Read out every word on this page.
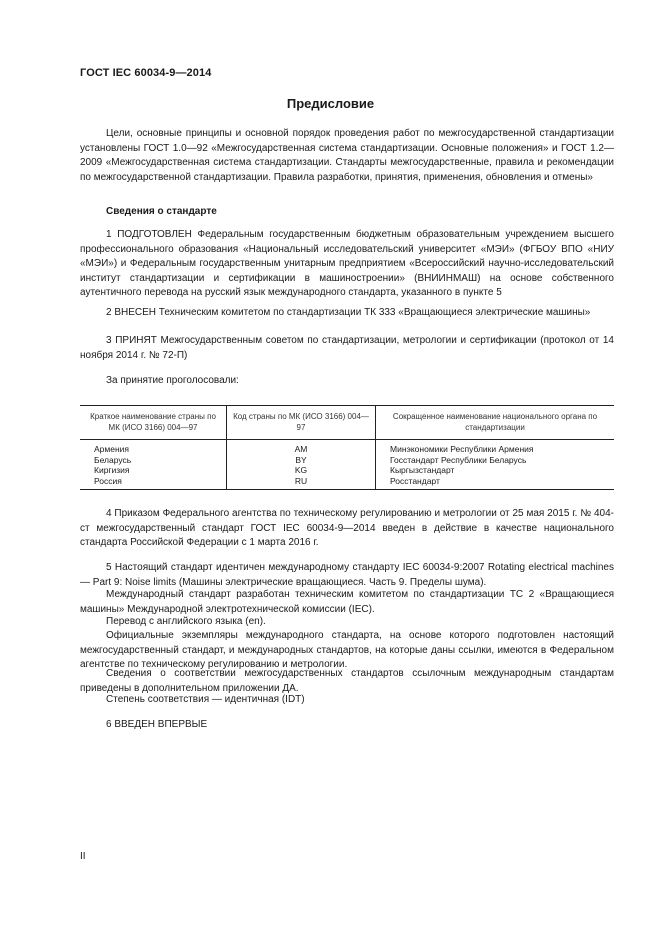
ГОСТ IEC 60034-9—2014
Предисловие

Цели, основные принципы и основной порядок проведения работ по межгосударственной стандартизации установлены ГОСТ 1.0—92 «Межгосударственная система стандартизации. Основные положения» и ГОСТ 1.2—2009 «Межгосударственная система стандартизации. Стандарты межгосударственные, правила и рекомендации по межгосударственной стандартизации. Правила разработки, принятия, применения, обновления и отмены»

Сведения о стандарте

1 ПОДГОТОВЛЕН Федеральным государственным бюджетным образовательным учреждением высшего профессионального образования «Национальный исследовательский университет «МЭИ» (ФГБОУ ВПО «НИУ «МЭИ») и Федеральным государственным унитарным предприятием «Всероссийский научно-исследовательский институт стандартизации и сертификации в машиностроении» (ВНИИНМАШ) на основе собственного аутентичного перевода на русский язык международного стандарта, указанного в пункте 5

2 ВНЕСЕН Техническим комитетом по стандартизации ТК 333 «Вращающиеся электрические машины»

3 ПРИНЯТ Межгосударственным советом по стандартизации, метрологии и сертификации (протокол от 14 ноября 2014 г. № 72-П)

За принятие проголосовали:
Краткое наименование страны по МК (ИСО 3166) 004—97	Код страны по МК (ИСО 3166) 004—97	Сокращенное наименование национального органа по стандартизации
Армения	AM	Минэкономики Республики Армения
Беларусь	BY	Госстандарт Республики Беларусь
Киргизия	KG	Кыргызстандарт
Россия	RU	Росстандарт

4 Приказом Федерального агентства по техническому регулированию и метрологии от 25 мая 2015 г. № 404-ст межгосударственный стандарт ГОСТ IEC 60034-9—2014 введен в действие в качестве национального стандарта Российской Федерации с 1 марта 2016 г.

5 Настоящий стандарт идентичен международному стандарту IEC 60034-9:2007 Rotating electrical machines — Part 9: Noise limits (Машины электрические вращающиеся. Часть 9. Пределы шума).

Международный стандарт разработан техническим комитетом по стандартизации ТС 2 «Вращающиеся машины» Международной электротехнической комиссии (IEC).

Перевод с английского языка (en).

Официальные экземпляры международного стандарта, на основе которого подготовлен настоящий межгосударственный стандарт, и международных стандартов, на которые даны ссылки, имеются в Федеральном агентстве по техническому регулированию и метрологии.

Сведения о соответствии межгосударственных стандартов ссылочным международным стандартам приведены в дополнительном приложении ДА.

Степень соответствия — идентичная (IDT)

6 ВВЕДЕН ВПЕРВЫЕ
II
